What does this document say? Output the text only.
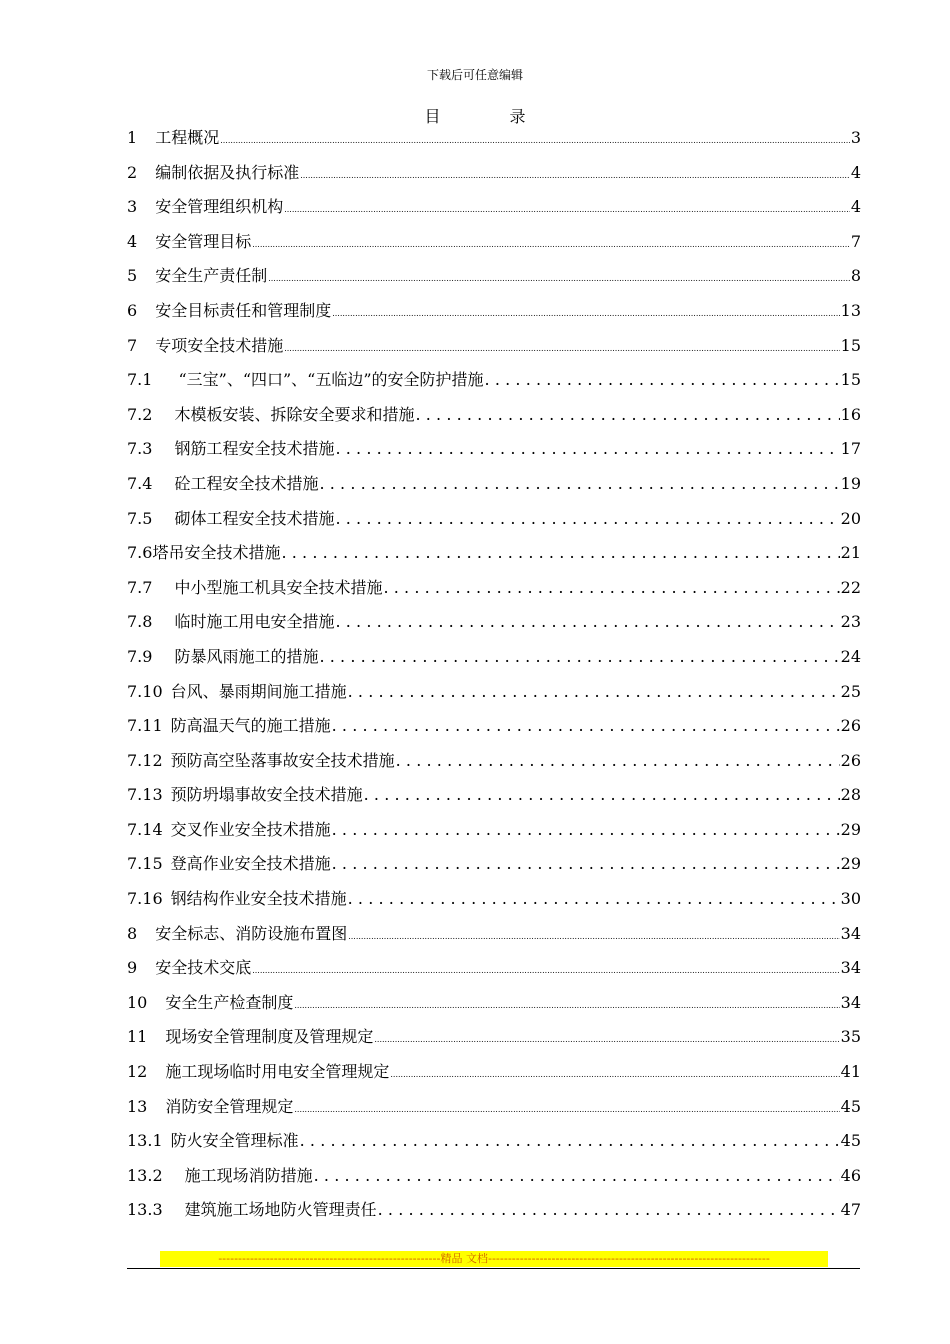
下载后可任意编辑
目 录
1 工程概况 .....	3
2 编制依据及执行标准 .....	4
3 安全管理组织机构 .....	4
4 安全管理目标 .....	7
5 安全生产责任制 .....	8
6 安全目标责任和管理制度 .....	13
7 专项安全技术措施 .....	15
7.1 “三宝”、“四口”、“五临边”的安全防护措施 .....	15
7.2 木模板安装、拆除安全要求和措施 .....	16
7.3 钢筋工程安全技术措施 .....	17
7.4 砼工程安全技术措施 .....	19
7.5 砌体工程安全技术措施 .....	20
7.6 塔吊安全技术措施 .....	21
7.7 中小型施工机具安全技术措施 .....	22
7.8 临时施工用电安全措施 .....	23
7.9 防暴风雨施工的措施 .....	24
7.10 台风、暴雨期间施工措施 .....	25
7.11 防高温天气的施工措施 .....	26
7.12 预防高空坠落事故安全技术措施 .....	26
7.13 预防坍塌事故安全技术措施 .....	28
7.14 交叉作业安全技术措施 .....	29
7.15 登高作业安全技术措施 .....	29
7.16 钢结构作业安全技术措施 .....	30
8 安全标志、消防设施布置图 .....	34
9 安全技术交底 .....	34
10 安全生产检查制度 .....	34
11 现场安全管理制度及管理规定 .....	35
12 施工现场临时用电安全管理规定 .....	41
13 消防安全管理规定 .....	45
13.1 防火安全管理标准 .....	45
13.2 施工现场消防措施 .....	46
13.3 建筑施工场地防火管理责任 .....	47
--------------------------------------------------------精品 文档-----------------------------------------------------------------------
